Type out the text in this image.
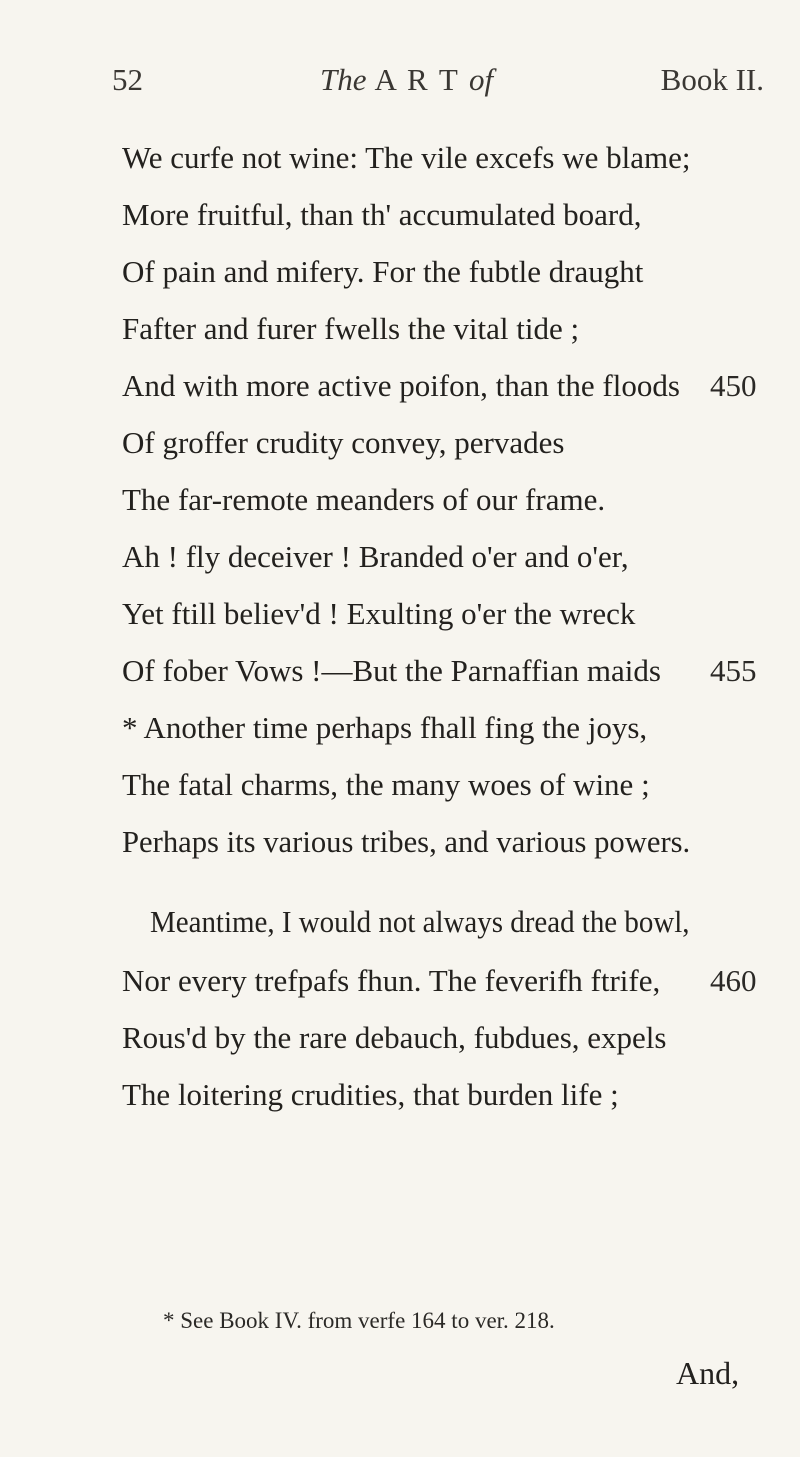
52	The A R T of	Book II.
We curfe not wine: The vile excefs we blame;
More fruitful, than th' accumulated board,
Of pain and mifery. For the fubtle draught
Fafter and furer fwells the vital tide ;
And with more active poifon, than the floods 450
Of groffer crudity convey, pervades
The far-remote meanders of our frame.
Ah ! fly deceiver ! Branded o'er and o'er,
Yet ftill believ'd ! Exulting o'er the wreck
Of fober Vows !—But the Parnaffian maids 455
* Another time perhaps fhall fing the joys,
The fatal charms, the many woes of wine ;
Perhaps its various tribes, and various powers.
Meantime, I would not always dread the bowl,
Nor every trefpafs fhun. The feverifh ftrife, 460
Rous'd by the rare debauch, fubdues, expels
The loitering crudities, that burden life ;
* See Book IV. from verfe 164 to ver. 218.
And,
